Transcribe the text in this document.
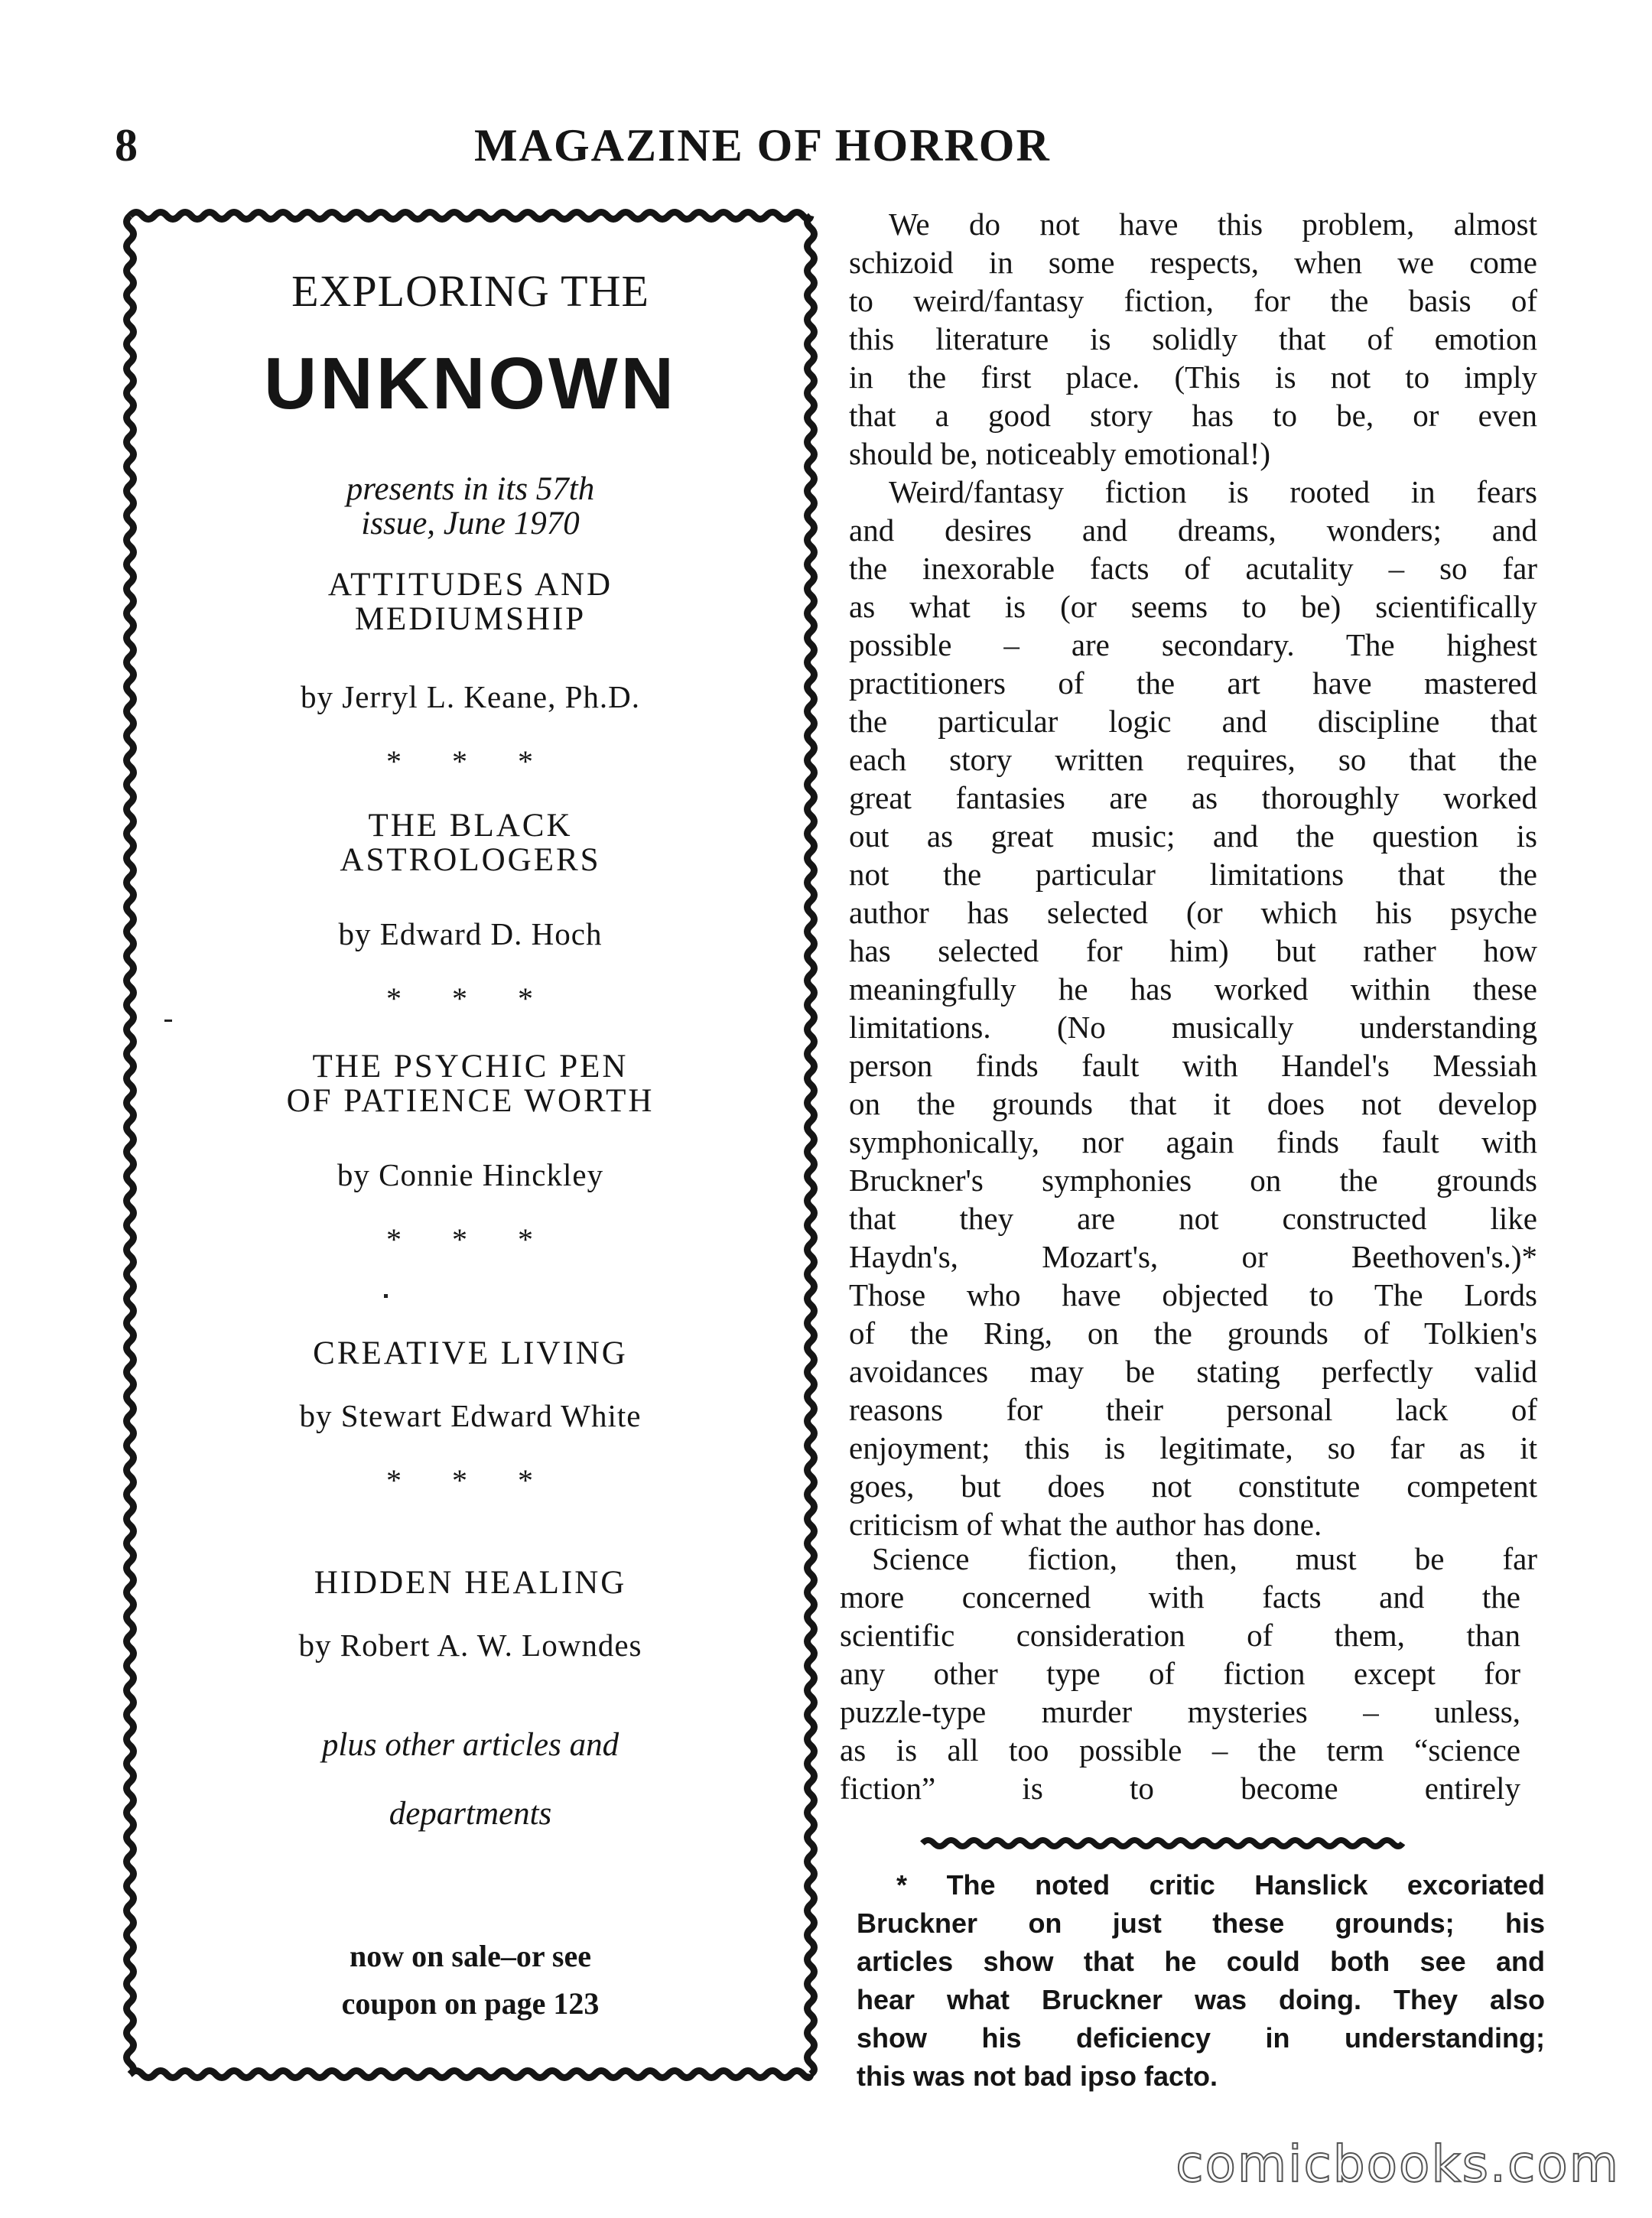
8	MAGAZINE OF HORROR
EXPLORING THE
UNKNOWN
presents in its 57th
issue, June 1970
ATTITUDES AND
MEDIUMSHIP
by Jerryl L. Keane, Ph.D.
* * *
THE BLACK
ASTROLOGERS
by Edward D. Hoch
* * *
THE PSYCHIC PEN
OF PATIENCE WORTH
by Connie Hinckley
* * *
CREATIVE LIVING
by Stewart Edward White
* * *
HIDDEN HEALING
by Robert A. W. Lowndes
plus other articles and
departments
now on sale–or see
coupon on page 123
We do not have this problem, almost
schizoid in some respects, when we come
to weird/fantasy fiction, for the basis of
this literature is solidly that of emotion
in the first place. (This is not to imply
that a good story has to be, or even
should be, noticeably emotional!)
Weird/fantasy fiction is rooted in fears
and desires and dreams, wonders; and
the inexorable facts of acutality – so far
as what is (or seems to be) scientifically
possible – are secondary. The highest
practitioners of the art have mastered
the particular logic and discipline that
each story written requires, so that the
great fantasies are as thoroughly worked
out as great music; and the question is
not the particular limitations that the
author has selected (or which his psyche
has selected for him) but rather how
meaningfully he has worked within these
limitations. (No musically understanding
person finds fault with Handel's Messiah
on the grounds that it does not develop
symphonically, nor again finds fault with
Bruckner's symphonies on the grounds
that they are not constructed like
Haydn's, Mozart's, or Beethoven's.)*
Those who have objected to The Lords
of the Ring, on the grounds of Tolkien's
avoidances may be stating perfectly valid
reasons for their personal lack of
enjoyment; this is legitimate, so far as it
goes, but does not constitute competent
criticism of what the author has done.
Science fiction, then, must be far
more concerned with facts and the
scientific consideration of them, than
any other type of fiction except for
puzzle-type murder mysteries – unless,
as is all too possible – the term “science
fiction” is to become entirely
* The noted critic Hanslick excoriated
Bruckner on just these grounds; his
articles show that he could both see and
hear what Bruckner was doing. They also
show his deficiency in understanding;
this was not bad ipso facto.
comicbooks.com
